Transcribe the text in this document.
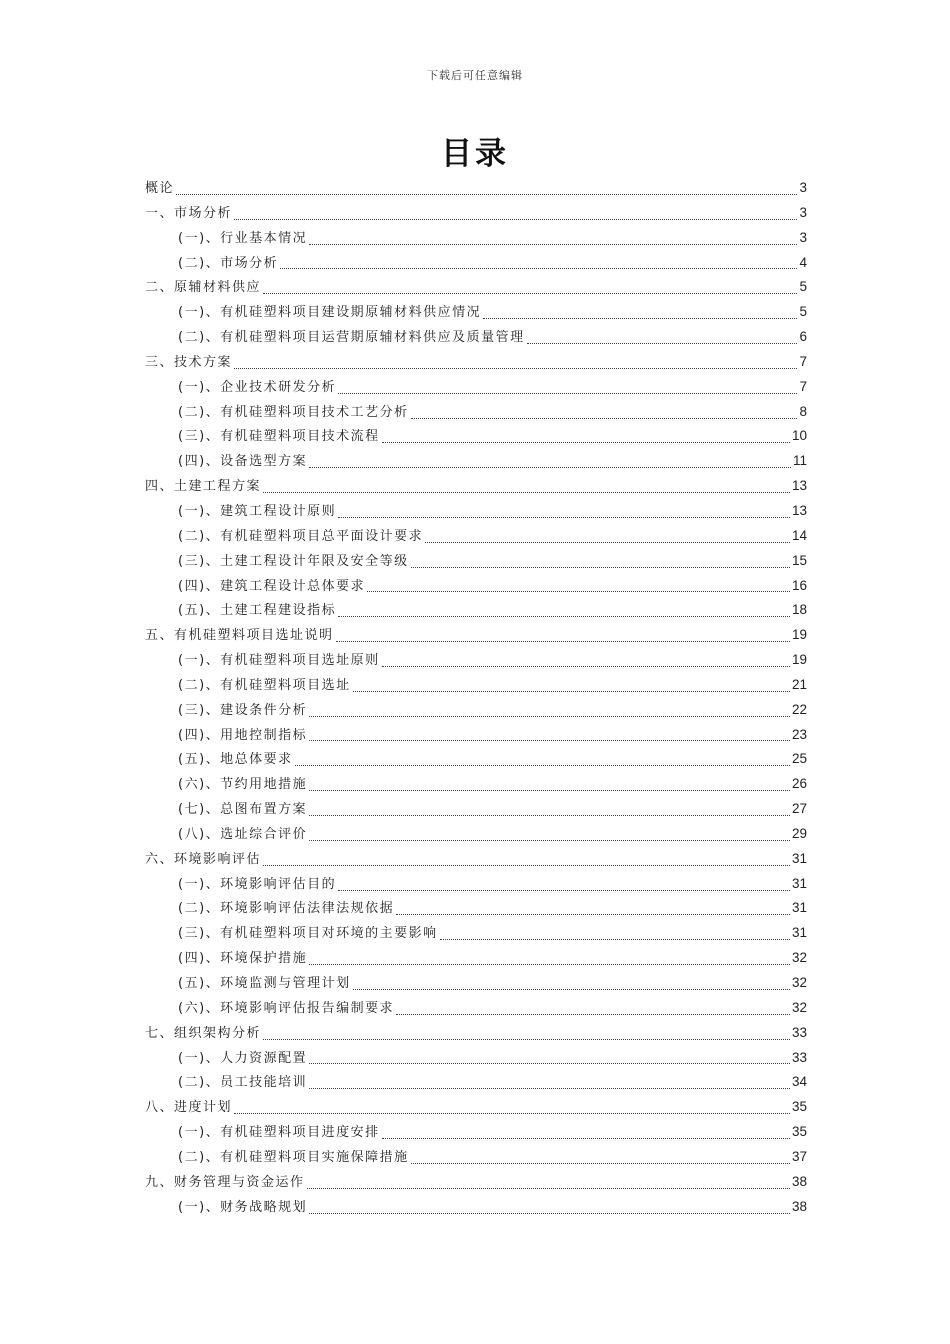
下载后可任意编辑
目录
概论	3
一、市场分析	3
(一)、行业基本情况	3
(二)、市场分析	4
二、原辅材料供应	5
(一)、有机硅塑料项目建设期原辅材料供应情况	5
(二)、有机硅塑料项目运营期原辅材料供应及质量管理	6
三、技术方案	7
(一)、企业技术研发分析	7
(二)、有机硅塑料项目技术工艺分析	8
(三)、有机硅塑料项目技术流程	10
(四)、设备选型方案	11
四、土建工程方案	13
(一)、建筑工程设计原则	13
(二)、有机硅塑料项目总平面设计要求	14
(三)、土建工程设计年限及安全等级	15
(四)、建筑工程设计总体要求	16
(五)、土建工程建设指标	18
五、有机硅塑料项目选址说明	19
(一)、有机硅塑料项目选址原则	19
(二)、有机硅塑料项目选址	21
(三)、建设条件分析	22
(四)、用地控制指标	23
(五)、地总体要求	25
(六)、节约用地措施	26
(七)、总图布置方案	27
(八)、选址综合评价	29
六、环境影响评估	31
(一)、环境影响评估目的	31
(二)、环境影响评估法律法规依据	31
(三)、有机硅塑料项目对环境的主要影响	31
(四)、环境保护措施	32
(五)、环境监测与管理计划	32
(六)、环境影响评估报告编制要求	32
七、组织架构分析	33
(一)、人力资源配置	33
(二)、员工技能培训	34
八、进度计划	35
(一)、有机硅塑料项目进度安排	35
(二)、有机硅塑料项目实施保障措施	37
九、财务管理与资金运作	38
(一)、财务战略规划	38
